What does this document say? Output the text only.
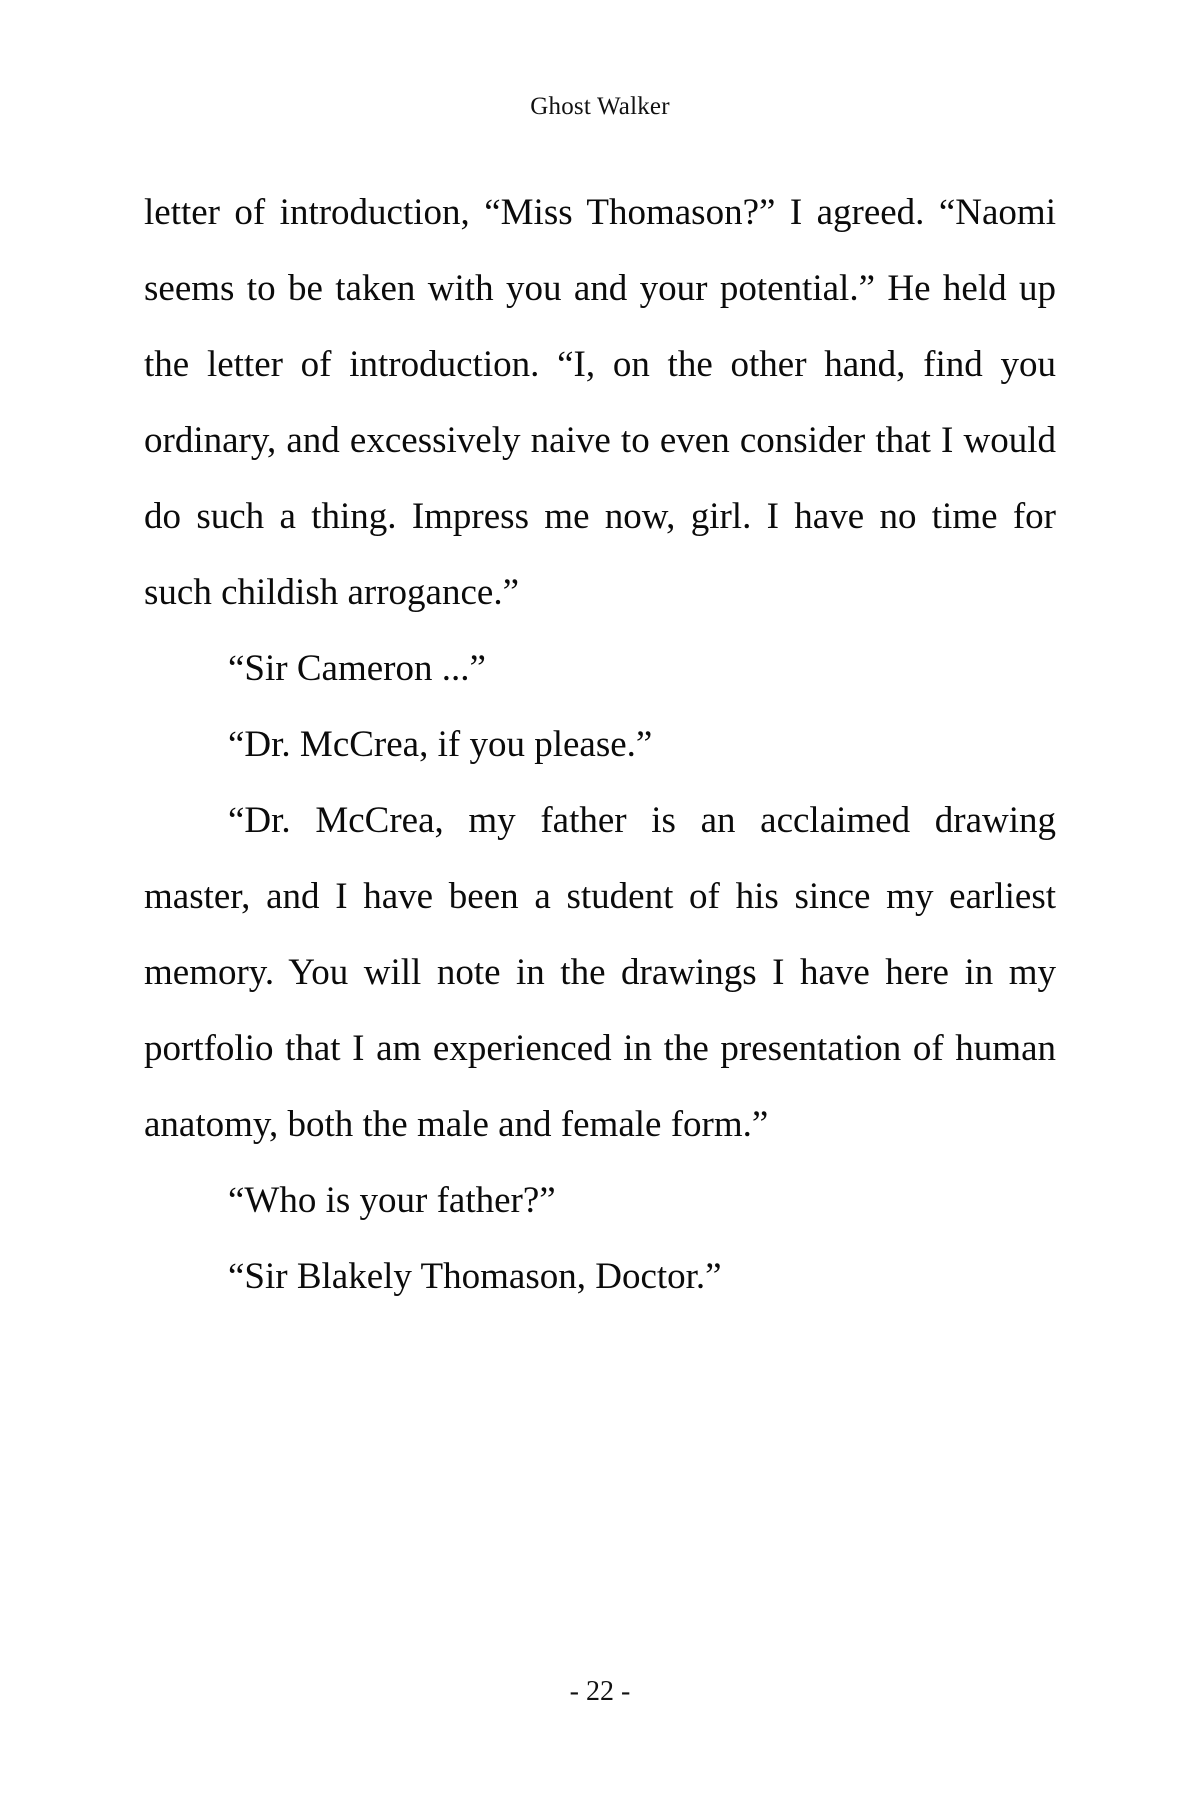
Ghost Walker

letter of introduction, “Miss Thomason?” I agreed. “Naomi seems to be taken with you and your potential.” He held up the letter of introduction. “I, on the other hand, find you ordinary, and excessively naive to even consider that I would do such a thing. Impress me now, girl. I have no time for such childish arrogance.”

“Sir Cameron ...”

“Dr. McCrea, if you please.”

“Dr. McCrea, my father is an acclaimed drawing master, and I have been a student of his since my earliest memory. You will note in the drawings I have here in my portfolio that I am experienced in the presentation of human anatomy, both the male and female form.”

“Who is your father?”

“Sir Blakely Thomason, Doctor.”

- 22 -
